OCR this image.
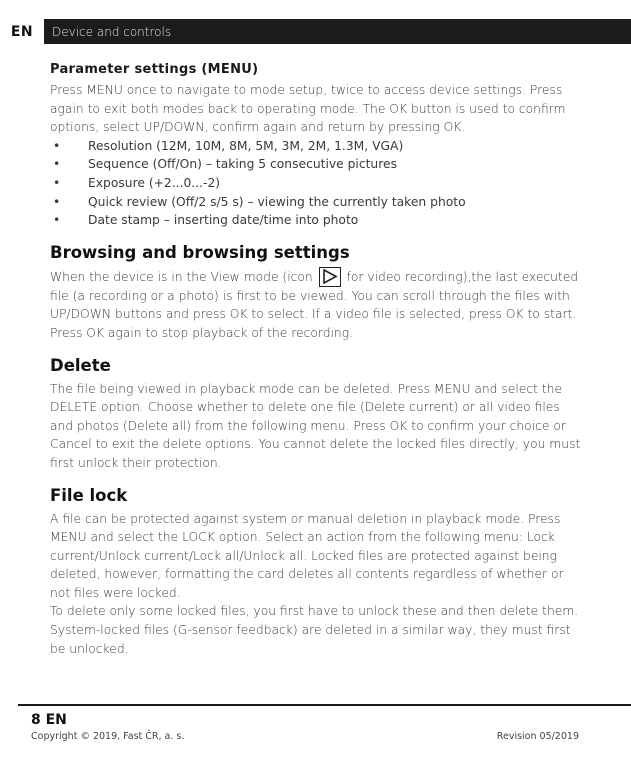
EN	Device and controls
Parameter settings (MENU)

Press MENU once to navigate to mode setup, twice to access device settings. Press again to exit both modes back to operating mode. The OK button is used to confirm options, select UP/DOWN, confirm again and return by pressing OK.

• Resolution (12M, 10M, 8M, 5M, 3M, 2M, 1.3M, VGA)
• Sequence (Off/On) – taking 5 consecutive pictures
• Exposure (+2...0...-2)
• Quick review (Off/2 s/5 s) – viewing the currently taken photo
• Date stamp – inserting date/time into photo
Browsing and browsing settings

When the device is in the View mode (icon
for video recording),the last executed file (a recording or a photo) is first to be viewed. You can scroll through the files with UP/DOWN buttons and press OK to select. If a video file is selected, press OK to start. Press OK again to stop playback of the recording.

Delete

The file being viewed in playback mode can be deleted. Press MENU and select the DELETE option. Choose whether to delete one file (Delete current) or all video files and photos (Delete all) from the following menu. Press OK to confirm your choice or Cancel to exit the delete options. You cannot delete the locked files directly, you must first unlock their protection.

File lock

A file can be protected against system or manual deletion in playback mode. Press MENU and select the LOCK option. Select an action from the following menu: Lock current/Unlock current/Lock all/Unlock all. Locked files are protected against being deleted, however, formatting the card deletes all contents regardless of whether or not files were locked.

To delete only some locked files, you first have to unlock these and then delete them. System-locked files (G-sensor feedback) are deleted in a similar way, they must first be unlocked.

8 EN
Copyright © 2019, Fast ČR, a. s.	Revision 05/2019
